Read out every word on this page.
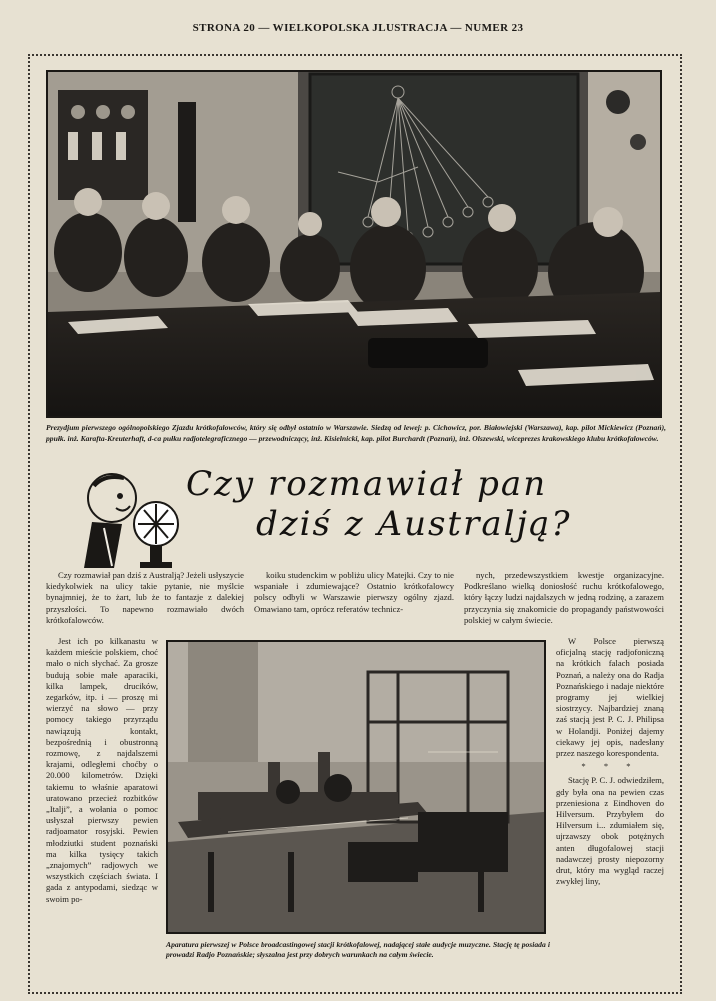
STRONA 20 — WIELKOPOLSKA JLUSTRACJA — NUMER 23
Prezydjum pierwszego ogólnopolskiego Zjazdu krótkofalowców, który się odbył ostatnio w Warszawie. Siedzą od lewej: p. Cichowicz, por. Białowiejski (Warszawa), kap. pilot Mickiewicz (Poznań), ppułk. inż. Karafta-Kreuterhaft, d-ca pułku radjotelegraficznego — przewodniczący, inż. Kisielnicki, kap. pilot Burchardt (Poznań), inż. Olszewski, wiceprezes krakowskiego klubu krótkofalowców.
Czy rozmawiał pan
dziś z Australją?

Czy rozmawiał pan dziś z Australją? Jeżeli usłyszycie kiedykolwiek na ulicy takie pytanie, nie myślcie bynajmniej, że to żart, lub że to fantazje z dalekiej przyszłości. To napewno rozmawiało dwóch krótkofalowców.

koiku studenckim w pobliżu ulicy Matejki. Czy to nie wspaniałe i zdumiewające? Ostatnio krótkofalowcy polscy odbyli w Warszawie pierwszy ogólny zjazd. Omawiano tam, oprócz referatów technicz-

nych, przedewszystkiem kwestje organizacyjne. Podkreślano wielką doniosłość ruchu krótkofalowego, który łączy ludzi najdalszych w jedną rodzinę, a zarazem przyczynia się znakomicie do propagandy państwowości polskiej w całym świecie.

Jest ich po kilkanastu w każdem mieście polskiem, choć mało o nich słychać. Za grosze budują sobie małe aparaciki, kilka lampek, drucików, zegarków, itp. i — proszę mi wierzyć na słowo — przy pomocy takiego przyrządu nawiązują kontakt, bezpośrednią i obustronną rozmowę, z najdalszemi krajami, odległemi choćby o 20.000 kilometrów. Dzięki takiemu to właśnie aparatowi uratowano przecież rozbitków „Italji”, a wołania o pomoc usłyszał pierwszy pewien radjoamator rosyjski. Pewien młodziutki student poznański ma kilka tysięcy takich „znajomych” radjowych we wszystkich częściach świata. I gada z antypodami, siedząc w swoim po-

W Polsce pierwszą oficjalną stację radjofoniczną na krótkich falach posiada Poznań, a należy ona do Radja Poznańskiego i nadaje niektóre programy jej wielkiej siostrzycy. Najbardziej znaną zaś stacją jest P. C. J. Philipsa w Holandji. Poniżej dajemy ciekawy jej opis, nadesłany przez naszego korespondenta.

* * *

Stację P. C. J. odwiedziłem, gdy była ona na pewien czas przeniesiona z Eindhoven do Hilversum. Przybyłem do Hilversum i... zdumiałem się, ujrzawszy obok potężnych anten długofalowej stacji nadawczej prosty niepozorny drut, który ma wygląd raczej zwykłej liny,

Aparatura pierwszej w Polsce broadcastingowej stacji krótkofalowej, nadającej stałe audycje muzyczne. Stację tę posiada i prowadzi Radjo Poznańskie; słyszalna jest przy dobrych warunkach na całym świecie.
